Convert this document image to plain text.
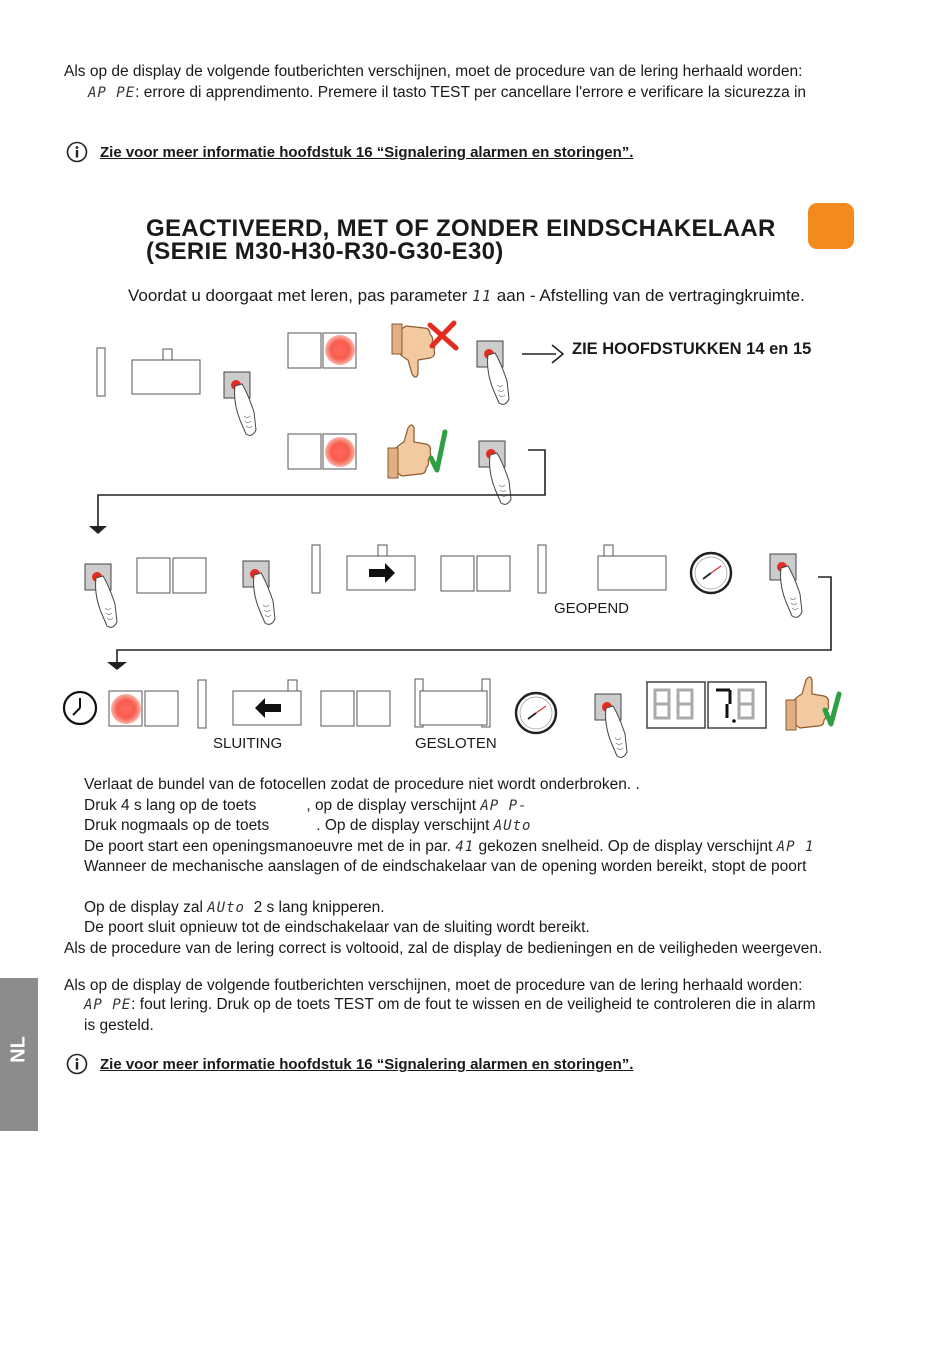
Als op de display de volgende foutberichten verschijnen, moet de procedure van de lering herhaald worden:
AP PE: errore di apprendimento. Premere il tasto TEST per cancellare l'errore e verificare la sicurezza in
Zie voor meer informatie hoofdstuk 16 “Signalering alarmen en storingen”.
GEACTIVEERD, MET OF ZONDER EINDSCHAKELAAR
(SERIE M30-H30-R30-G30-E30)
Voordat u doorgaat met leren, pas parameter 11 aan - Afstelling van de vertragingkruimte.
ZIE HOOFDSTUKKEN 14 en 15
GEOPEND
SLUITING	GESLOTEN
Verlaat de bundel van de fotocellen zodat de procedure niet wordt onderbroken. .
Druk 4 s lang op de toets	, op de display verschijnt AP P-
Druk nogmaals op de toets	. Op de display verschijnt AUto
De poort start een openingsmanoeuvre met de in par. 41 gekozen snelheid. Op de display verschijnt AP 1
Wanneer de mechanische aanslagen of de eindschakelaar van de opening worden bereikt, stopt de poort
Op de display zal AUto 2 s lang knipperen.
De poort sluit opnieuw tot de eindschakelaar van de sluiting wordt bereikt.
Als de procedure van de lering correct is voltooid, zal de display de bedieningen en de veiligheden weergeven.
Als op de display de volgende foutberichten verschijnen, moet de procedure van de lering herhaald worden:
AP PE: fout lering. Druk op de toets TEST om de fout te wissen en de veiligheid te controleren die in alarm
is gesteld.
Zie voor meer informatie hoofdstuk 16 “Signalering alarmen en storingen”.
NL
